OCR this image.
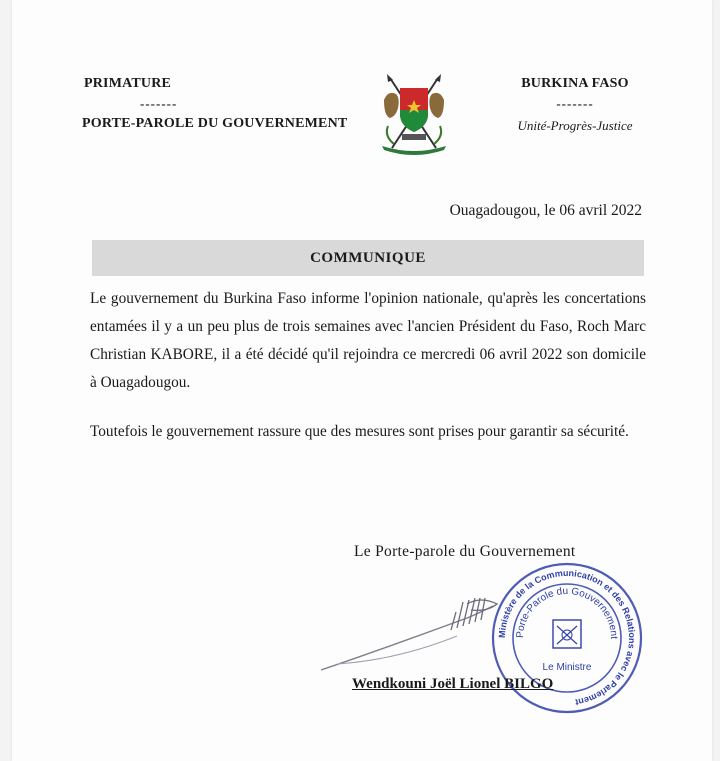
PRIMATURE
-------
PORTE-PAROLE DU GOUVERNEMENT
BURKINA FASO
-------
Unité-Progrès-Justice
Ouagadougou, le 06 avril 2022
COMMUNIQUE
Le gouvernement du Burkina Faso informe l'opinion nationale, qu'après les concertations entamées il y a un peu plus de trois semaines avec l'ancien Président du Faso, Roch Marc Christian KABORE, il a été décidé qu'il rejoindra ce mercredi 06 avril 2022 son domicile à Ouagadougou.
Toutefois le gouvernement rassure que des mesures sont prises pour garantir sa sécurité.
Le Porte-parole du Gouvernement
Ministère de la Communication et des Relations avec le Parlement
Porte-Parole du Gouvernement
Le Ministre
Wendkouni Joël Lionel BILGO
